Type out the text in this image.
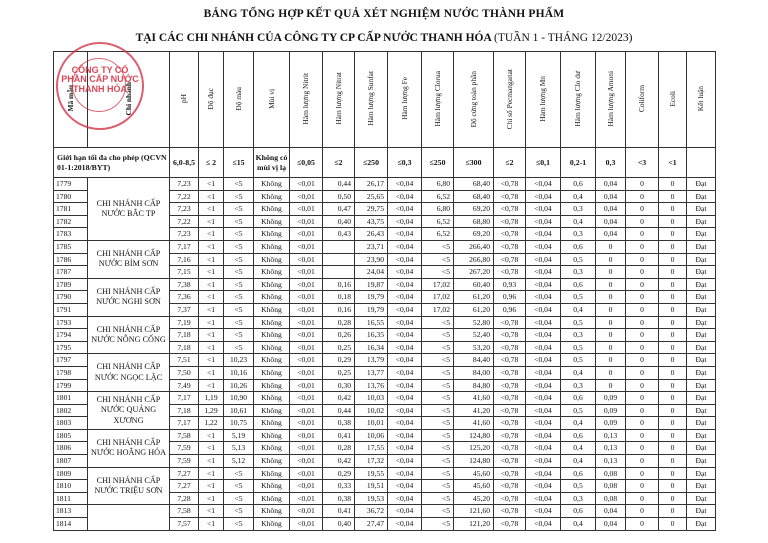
BẢNG TỔNG HỢP KẾT QUẢ XÉT NGHIỆM NƯỚC THÀNH PHẨM
TẠI CÁC CHI NHÁNH CỦA CÔNG TY CP CẤP NƯỚC THANH HÓA (TUẦN 1 - THÁNG 12/2023)
Mã mẫu	Chi nhánh	pH	Độ đục	Độ màu	Mùi vị	Hàm lượng Nitrit	Hàm lượng Nitrat	Hàm lượng Sunfat	Hàm lượng Fe	Hàm lượng Clorua	Độ cứng toàn phần	Chỉ số Pecmanganat	Hàm lượng Mn	Hàm lượng Clo dư	Hàm lượng Amoni	Coliform	Ecoli	Kết luận
Giới hạn tối đa cho phép (QCVN 01-1:2018/BYT)		6,0-8,5	≤ 2	≤15	Không có mùi vị lạ	≤0,05	≤2	≤250	≤0,3	≤250	≤300	≤2	≤0,1	0,2-1	0,3	<3	<1	
1779	CHI NHÁNH CẤP NƯỚC BẮC TP	7,23	<1	<5	Không	<0,01	0,44	26,17	<0,04	6,80	68,40	<0,78	<0,04	0,6	0,04	0	0	Đạt
1780		7,22	<1	<5	Không	<0,01	0,50	25,65	<0,04	6,52	68,40	<0,78	<0,04	0,4	0,04	0	0	Đạt
1781		7,23	<1	<5	Không	<0,01	0,47	29,75	<0,04	6,80	69,20	<0,78	<0,04	0,3	0,04	0	0	Đạt
1782		7,22	<1	<5	Không	<0,01	0,40	43,75	<0,04	6,52	68,80	<0,78	<0,04	0,4	0,04	0	0	Đạt
1783		7,23	<1	<5	Không	<0,01	0,43	26,43	<0,04	6,52	69,20	<0,78	<0,04	0,3	0,04	0	0	Đạt
1785	CHI NHÁNH CẤP NƯỚC BỈM SƠN	7,17	<1	<5	Không	<0,01		23,71	<0,04	<5	266,40	<0,78	<0,04	0,6	0	0	0	Đạt
1786		7,16	<1	<5	Không	<0,01		23,90	<0,04	<5	266,80	<0,78	<0,04	0,5	0	0	0	Đạt
1787		7,15	<1	<5	Không	<0,01		24,04	<0,04	<5	267,20	<0,78	<0,04	0,3	0	0	0	Đạt
1789	CHI NHÁNH CẤP NƯỚC NGHI SƠN	7,38	<1	<5	Không	<0,01	0,16	19,87	<0,04	17,02	60,40	0,93	<0,04	0,6	0	0	0	Đạt
1790		7,36	<1	<5	Không	<0,01	0,18	19,79	<0,04	17,02	61,20	0,96	<0,04	0,5	0	0	0	Đạt
1791		7,37	<1	<5	Không	<0,01	0,16	19,79	<0,04	17,02	61,20	0,96	<0,04	0,4	0	0	0	Đạt
1793	CHI NHÁNH CẤP NƯỚC NÔNG CỐNG	7,19	<1	<5	Không	<0,01	0,28	16,55	<0,04	<5	52,80	<0,78	<0,04	0,5	0	0	0	Đạt
1794		7,18	<1	<5	Không	<0,01	0,26	16,35	<0,04	<5	52,40	<0,78	<0,04	0,3	0	0	0	Đạt
1795		7,18	<1	<5	Không	<0,01	0,25	16,34	<0,04	<5	53,20	<0,78	<0,04	0,5	0	0	0	Đạt
1797	CHI NHÁNH CẤP NƯỚC NGỌC LẶC	7,51	<1	10,23	Không	<0,01	0,29	13,79	<0,04	<5	84,40	<0,78	<0,04	0,5	0	0	0	Đạt
1798		7,50	<1	10,16	Không	<0,01	0,25	13,77	<0,04	<5	84,00	<0,78	<0,04	0,4	0	0	0	Đạt
1799		7,49	<1	10,26	Không	<0,01	0,30	13,76	<0,04	<5	84,80	<0,78	<0,04	0,3	0	0	0	Đạt
1801	CHI NHÁNH CẤP NƯỚC QUẢNG XƯƠNG	7,17	1,19	10,90	Không	<0,01	0,42	10,03	<0,04	<5	41,60	<0,78	<0,04	0,6	0,09	0	0	Đạt
1802		7,18	1,29	10,61	Không	<0,01	0,44	10,02	<0,04	<5	41,20	<0,78	<0,04	0,5	0,09	0	0	Đạt
1803		7,17	1,22	10,75	Không	<0,01	0,38	10,01	<0,04	<5	41,60	<0,78	<0,04	0,4	0,09	0	0	Đạt
1805	CHI NHÁNH CẤP NƯỚC HOẰNG HÓA	7,58	<1	5,19	Không	<0,01	0,41	10,06	<0,04	<5	124,80	<0,78	<0,04	0,6	0,13	0	0	Đạt
1806		7,59	<1	5,13	Không	<0,01	0,28	17,55	<0,04	<5	125,20	<0,78	<0,04	0,4	0,13	0	0	Đạt
1807		7,59	<1	5,12	Không	<0,01	0,42	17,32	<0,04	<5	124,80	<0,78	<0,04	0,4	0,13	0	0	Đạt
1809	CHI NHÁNH CẤP NƯỚC TRIỆU SƠN	7,27	<1	<5	Không	<0,01	0,29	19,55	<0,04	<5	45,60	<0,78	<0,04	0,6	0,08	0	0	Đạt
1810		7,27	<1	<5	Không	<0,01	0,33	19,51	<0,04	<5	45,60	<0,78	<0,04	0,5	0,08	0	0	Đạt
1811		7,28	<1	<5	Không	<0,01	0,38	19,53	<0,04	<5	45,20	<0,78	<0,04	0,3	0,08	0	0	Đạt
1813		7,58	<1	<5	Không	<0,01	0,41	36,72	<0,04	<5	121,60	<0,78	<0,04	0,6	0,04	0	0	Đạt
1814		7,57	<1	<5	Không	<0,01	0,40	27,47	<0,04	<5	121,20	<0,78	<0,04	0,4	0,04	0	0	Đạt
CÔNG TY CỔ PHẦN CẤP NƯỚC THANH HÓA
